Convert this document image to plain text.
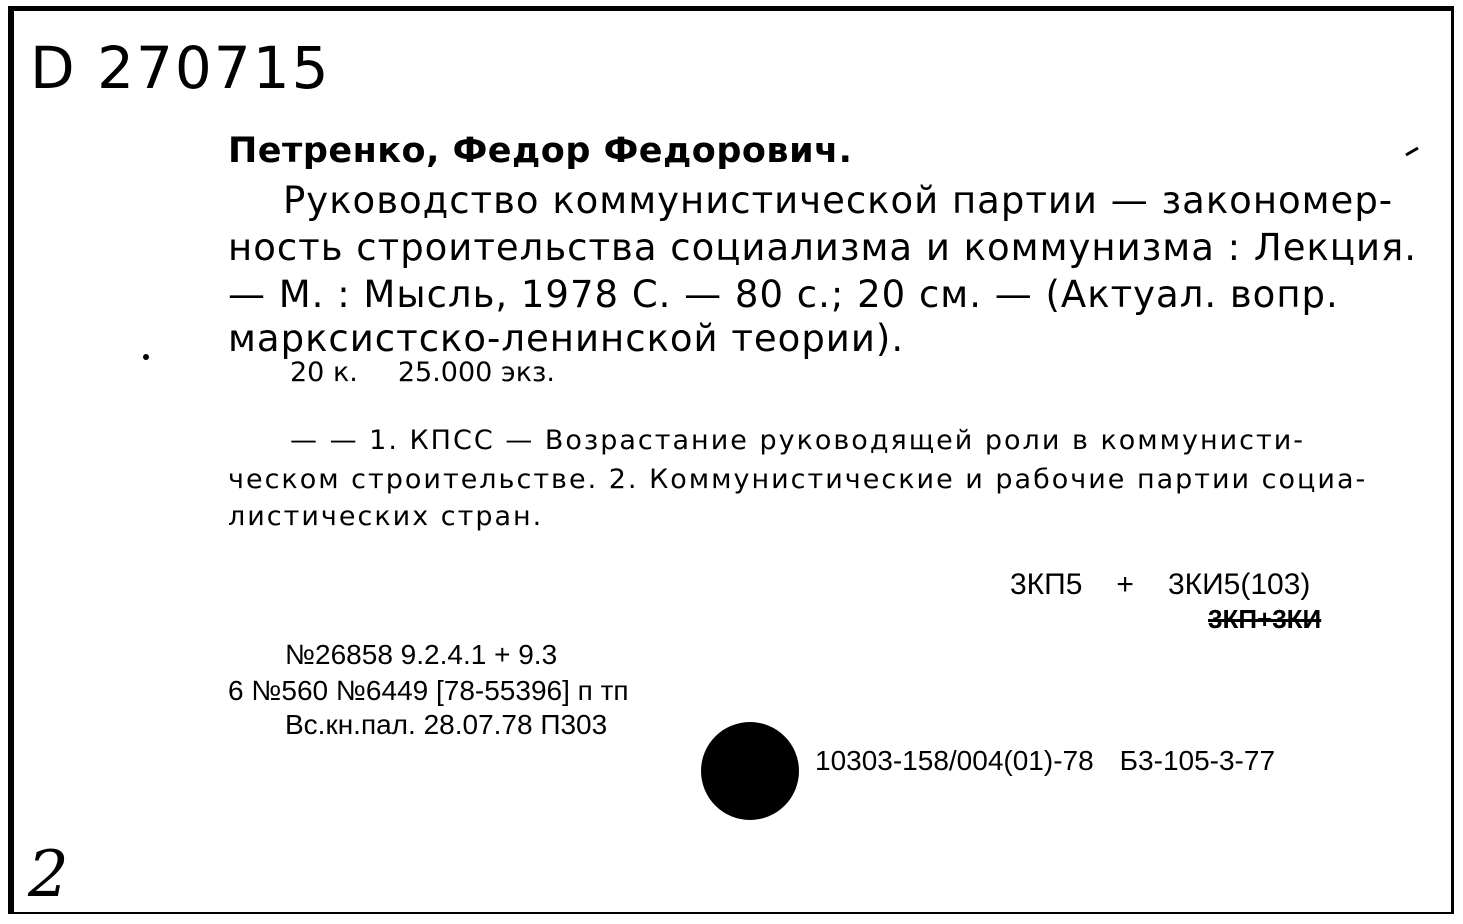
D 270715
Петренко, Федор Федорович.
Руководство коммунистической партии — закономер-
ность строительства социализма и коммунизма : Лекция.
— М. : Мысль, 1978 С. — 80 с.; 20 см. — (Актуал. вопр.
марксистско-ленинской теории).
20 к. 25.000 экз.
— — 1. КПСС — Возрастание руководящей роли в коммунисти-
ческом строительстве. 2. Коммунистические и рабочие партии социа-
листических стран.
3КП5 + 3КИ5(103)
3КП+3КИ
№26858 9.2.4.1 + 9.3
6 №560 №6449 [78-55396] п тп
Вс.кн.пал. 28.07.78 П303
10303-158/004(01)-78 Б3-105-3-77
2
